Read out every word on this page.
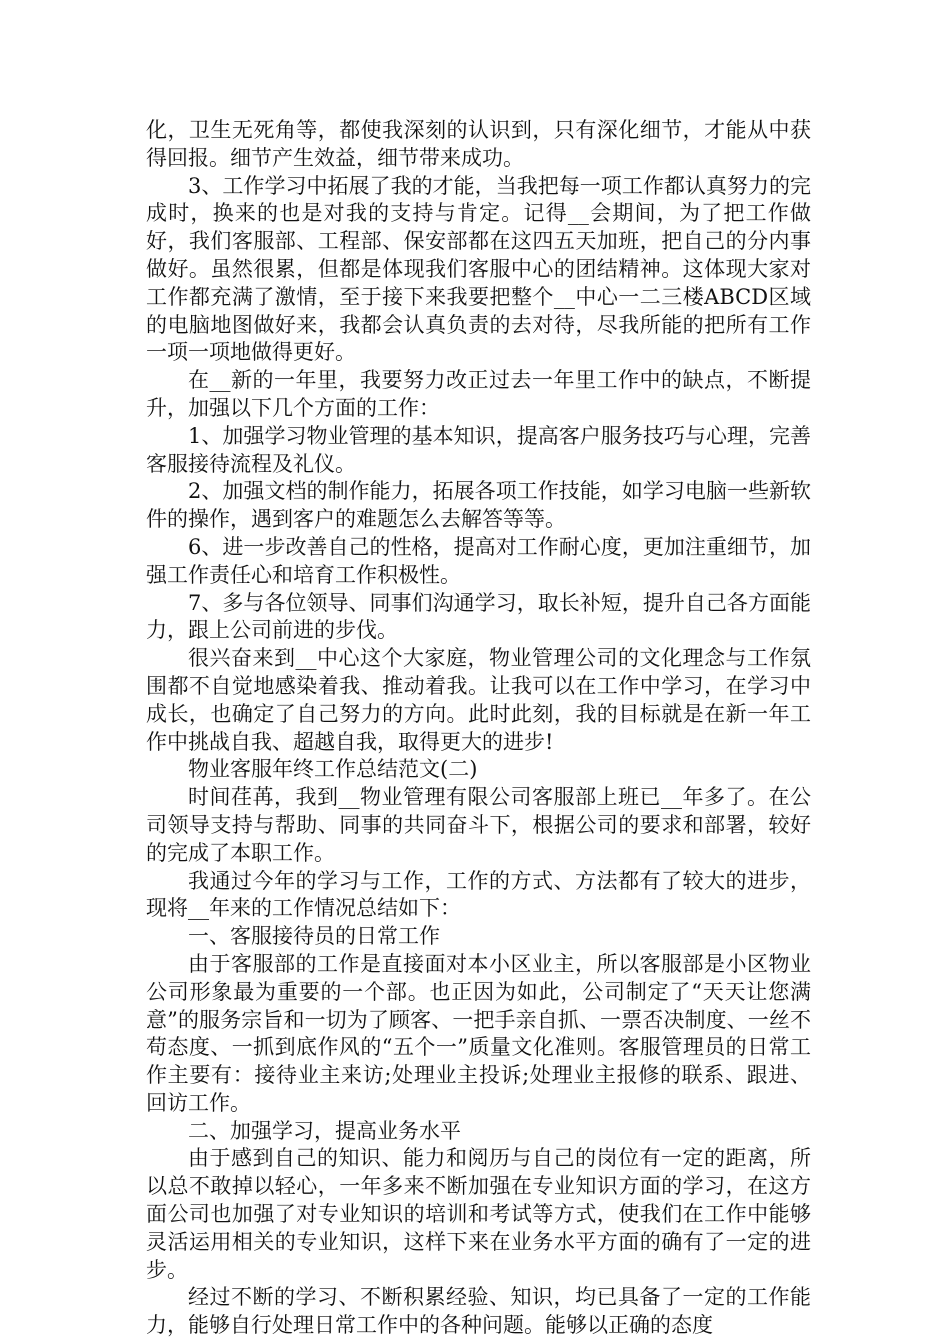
化，卫生无死角等，都使我深刻的认识到，只有深化细节，才能从中获得回报。细节产生效益，细节带来成功。

3、工作学习中拓展了我的才能，当我把每一项工作都认真努力的完成时，换来的也是对我的支持与肯定。记得__会期间，为了把工作做好，我们客服部、工程部、保安部都在这四五天加班，把自己的分内事做好。虽然很累，但都是体现我们客服中心的团结精神。这体现大家对工作都充满了激情，至于接下来我要把整个__中心一二三楼ABCD区域的电脑地图做好来，我都会认真负责的去对待，尽我所能的把所有工作一项一项地做得更好。

在__新的一年里，我要努力改正过去一年里工作中的缺点，不断提升，加强以下几个方面的工作：

1、加强学习物业管理的基本知识，提高客户服务技巧与心理，完善客服接待流程及礼仪。

2、加强文档的制作能力，拓展各项工作技能，如学习电脑一些新软件的操作，遇到客户的难题怎么去解答等等。

6、进一步改善自己的性格，提高对工作耐心度，更加注重细节，加强工作责任心和培育工作积极性。

7、多与各位领导、同事们沟通学习，取长补短，提升自己各方面能力，跟上公司前进的步伐。

很兴奋来到__中心这个大家庭，物业管理公司的文化理念与工作氛围都不自觉地感染着我、推动着我。让我可以在工作中学习，在学习中成长，也确定了自己努力的方向。此时此刻，我的目标就是在新一年工作中挑战自我、超越自我，取得更大的进步!

物业客服年终工作总结范文(二)

时间荏苒，我到__物业管理有限公司客服部上班已__年多了。在公司领导支持与帮助、同事的共同奋斗下，根据公司的要求和部署，较好的完成了本职工作。

我通过今年的学习与工作，工作的方式、方法都有了较大的进步，现将__年来的工作情况总结如下：

一、客服接待员的日常工作

由于客服部的工作是直接面对本小区业主，所以客服部是小区物业公司形象最为重要的一个部。也正因为如此，公司制定了“天天让您满意”的服务宗旨和一切为了顾客、一把手亲自抓、一票否决制度、一丝不苟态度、一抓到底作风的“五个一”质量文化准则。客服管理员的日常工作主要有：接待业主来访;处理业主投诉;处理业主报修的联系、跟进、回访工作。

二、加强学习，提高业务水平

由于感到自己的知识、能力和阅历与自己的岗位有一定的距离，所以总不敢掉以轻心，一年多来不断加强在专业知识方面的学习，在这方面公司也加强了对专业知识的培训和考试等方式，使我们在工作中能够灵活运用相关的专业知识，这样下来在业务水平方面的确有了一定的进步。

经过不断的学习、不断积累经验、知识，均已具备了一定的工作能力，能够自行处理日常工作中的各种问题。能够以正确的态度
